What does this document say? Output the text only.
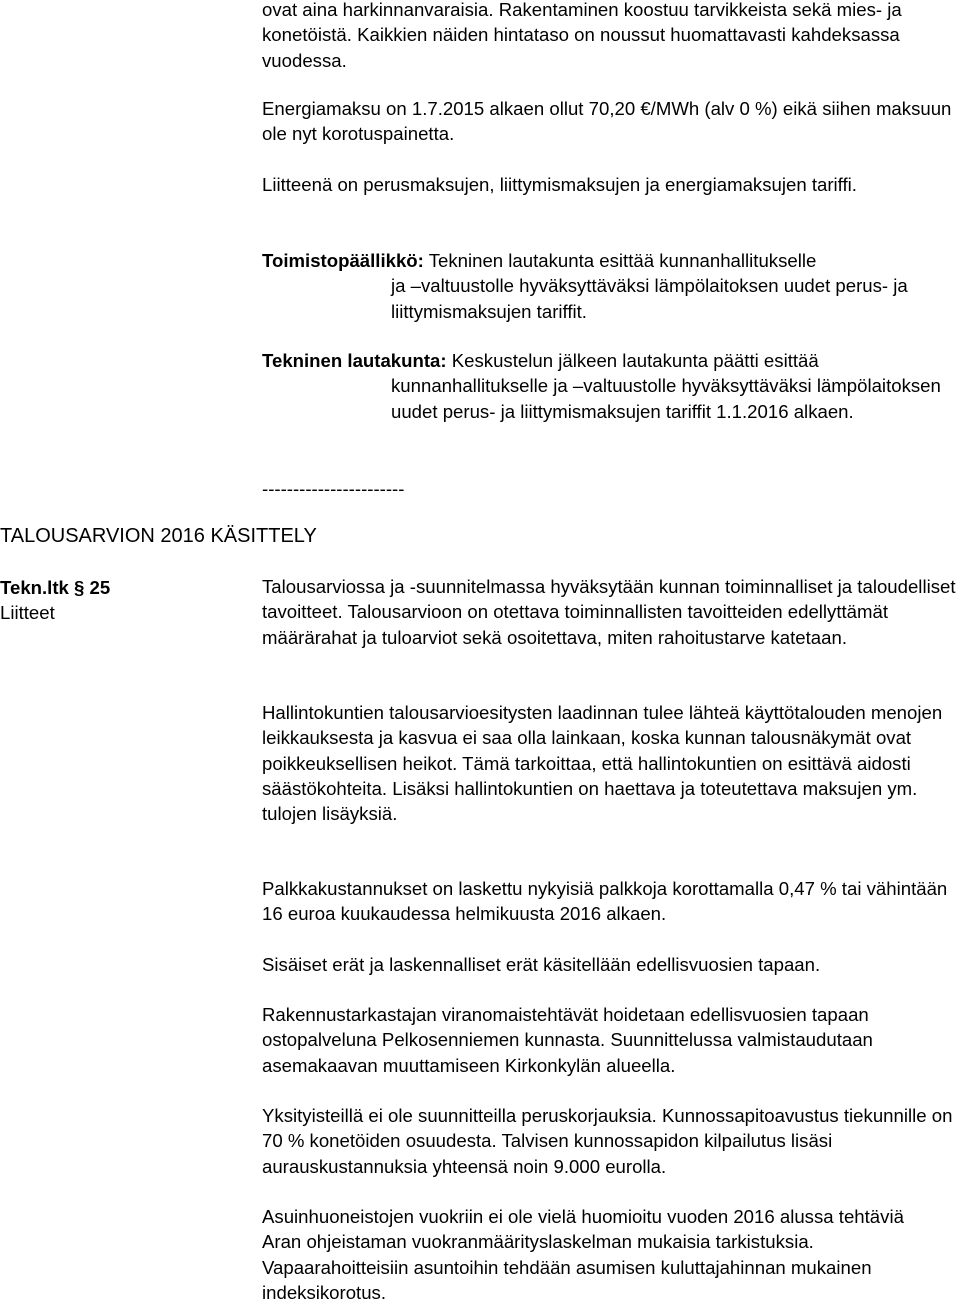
ovat aina harkinnanvaraisia. Rakentaminen koostuu tarvikkeista sekä mies- ja konetöistä. Kaikkien näiden hintataso on noussut huomattavasti kahdeksassa vuodessa.

Energiamaksu on 1.7.2015 alkaen ollut 70,20 €/MWh (alv 0 %) eikä siihen maksuun ole nyt korotuspainetta.

Liitteenä on perusmaksujen, liittymismaksujen ja energiamaksujen tariffi.

Toimistopäällikkö: Tekninen lautakunta esittää kunnanhallitukselle
ja –valtuustolle hyväksyttäväksi lämpölaitoksen uudet perus- ja liittymismaksujen tariffit.
Tekninen lautakunta: Keskustelun jälkeen lautakunta päätti esittää
kunnanhallitukselle ja –valtuustolle hyväksyttäväksi lämpölaitoksen uudet perus- ja liittymismaksujen tariffit 1.1.2016 alkaen.
-----------------------
TALOUSARVION 2016 KÄSITTELY
Tekn.ltk § 25
Liitteet

Talousarviossa ja -suunnitelmassa hyväksytään kunnan toiminnalliset ja taloudelliset tavoitteet. Talousarvioon on otettava toiminnallisten tavoitteiden edellyttämät määrärahat ja tuloarviot sekä osoitettava, miten rahoitustarve katetaan.

Hallintokuntien talousarvioesitysten laadinnan tulee lähteä käyttötalouden menojen leikkauksesta ja kasvua ei saa olla lainkaan, koska kunnan talousnäkymät ovat poikkeuksellisen heikot. Tämä tarkoittaa, että hallintokuntien on esittävä aidosti säästökohteita. Lisäksi hallintokuntien on haettava ja toteutettava maksujen ym. tulojen lisäyksiä.

Palkkakustannukset on laskettu nykyisiä palkkoja korottamalla 0,47 % tai vähintään 16 euroa kuukaudessa helmikuusta 2016 alkaen.

Sisäiset erät ja laskennalliset erät käsitellään edellisvuosien tapaan.

Rakennustarkastajan viranomaistehtävät hoidetaan edellisvuosien tapaan ostopalveluna Pelkosenniemen kunnasta. Suunnittelussa valmistaudutaan asemakaavan muuttamiseen Kirkonkylän alueella.

Yksityisteillä ei ole suunnitteilla peruskorjauksia. Kunnossapitoavustus tiekunnille on 70 % konetöiden osuudesta. Talvisen kunnossapidon kilpailutus lisäsi aurauskustannuksia yhteensä noin 9.000 eurolla.

Asuinhuoneistojen vuokriin ei ole vielä huomioitu vuoden 2016 alussa tehtäviä Aran ohjeistaman vuokranmäärityslaskelman mukaisia tarkistuksia. Vapaarahoitteisiin asuntoihin tehdään asumisen kuluttajahinnan mukainen indeksikorotus.
